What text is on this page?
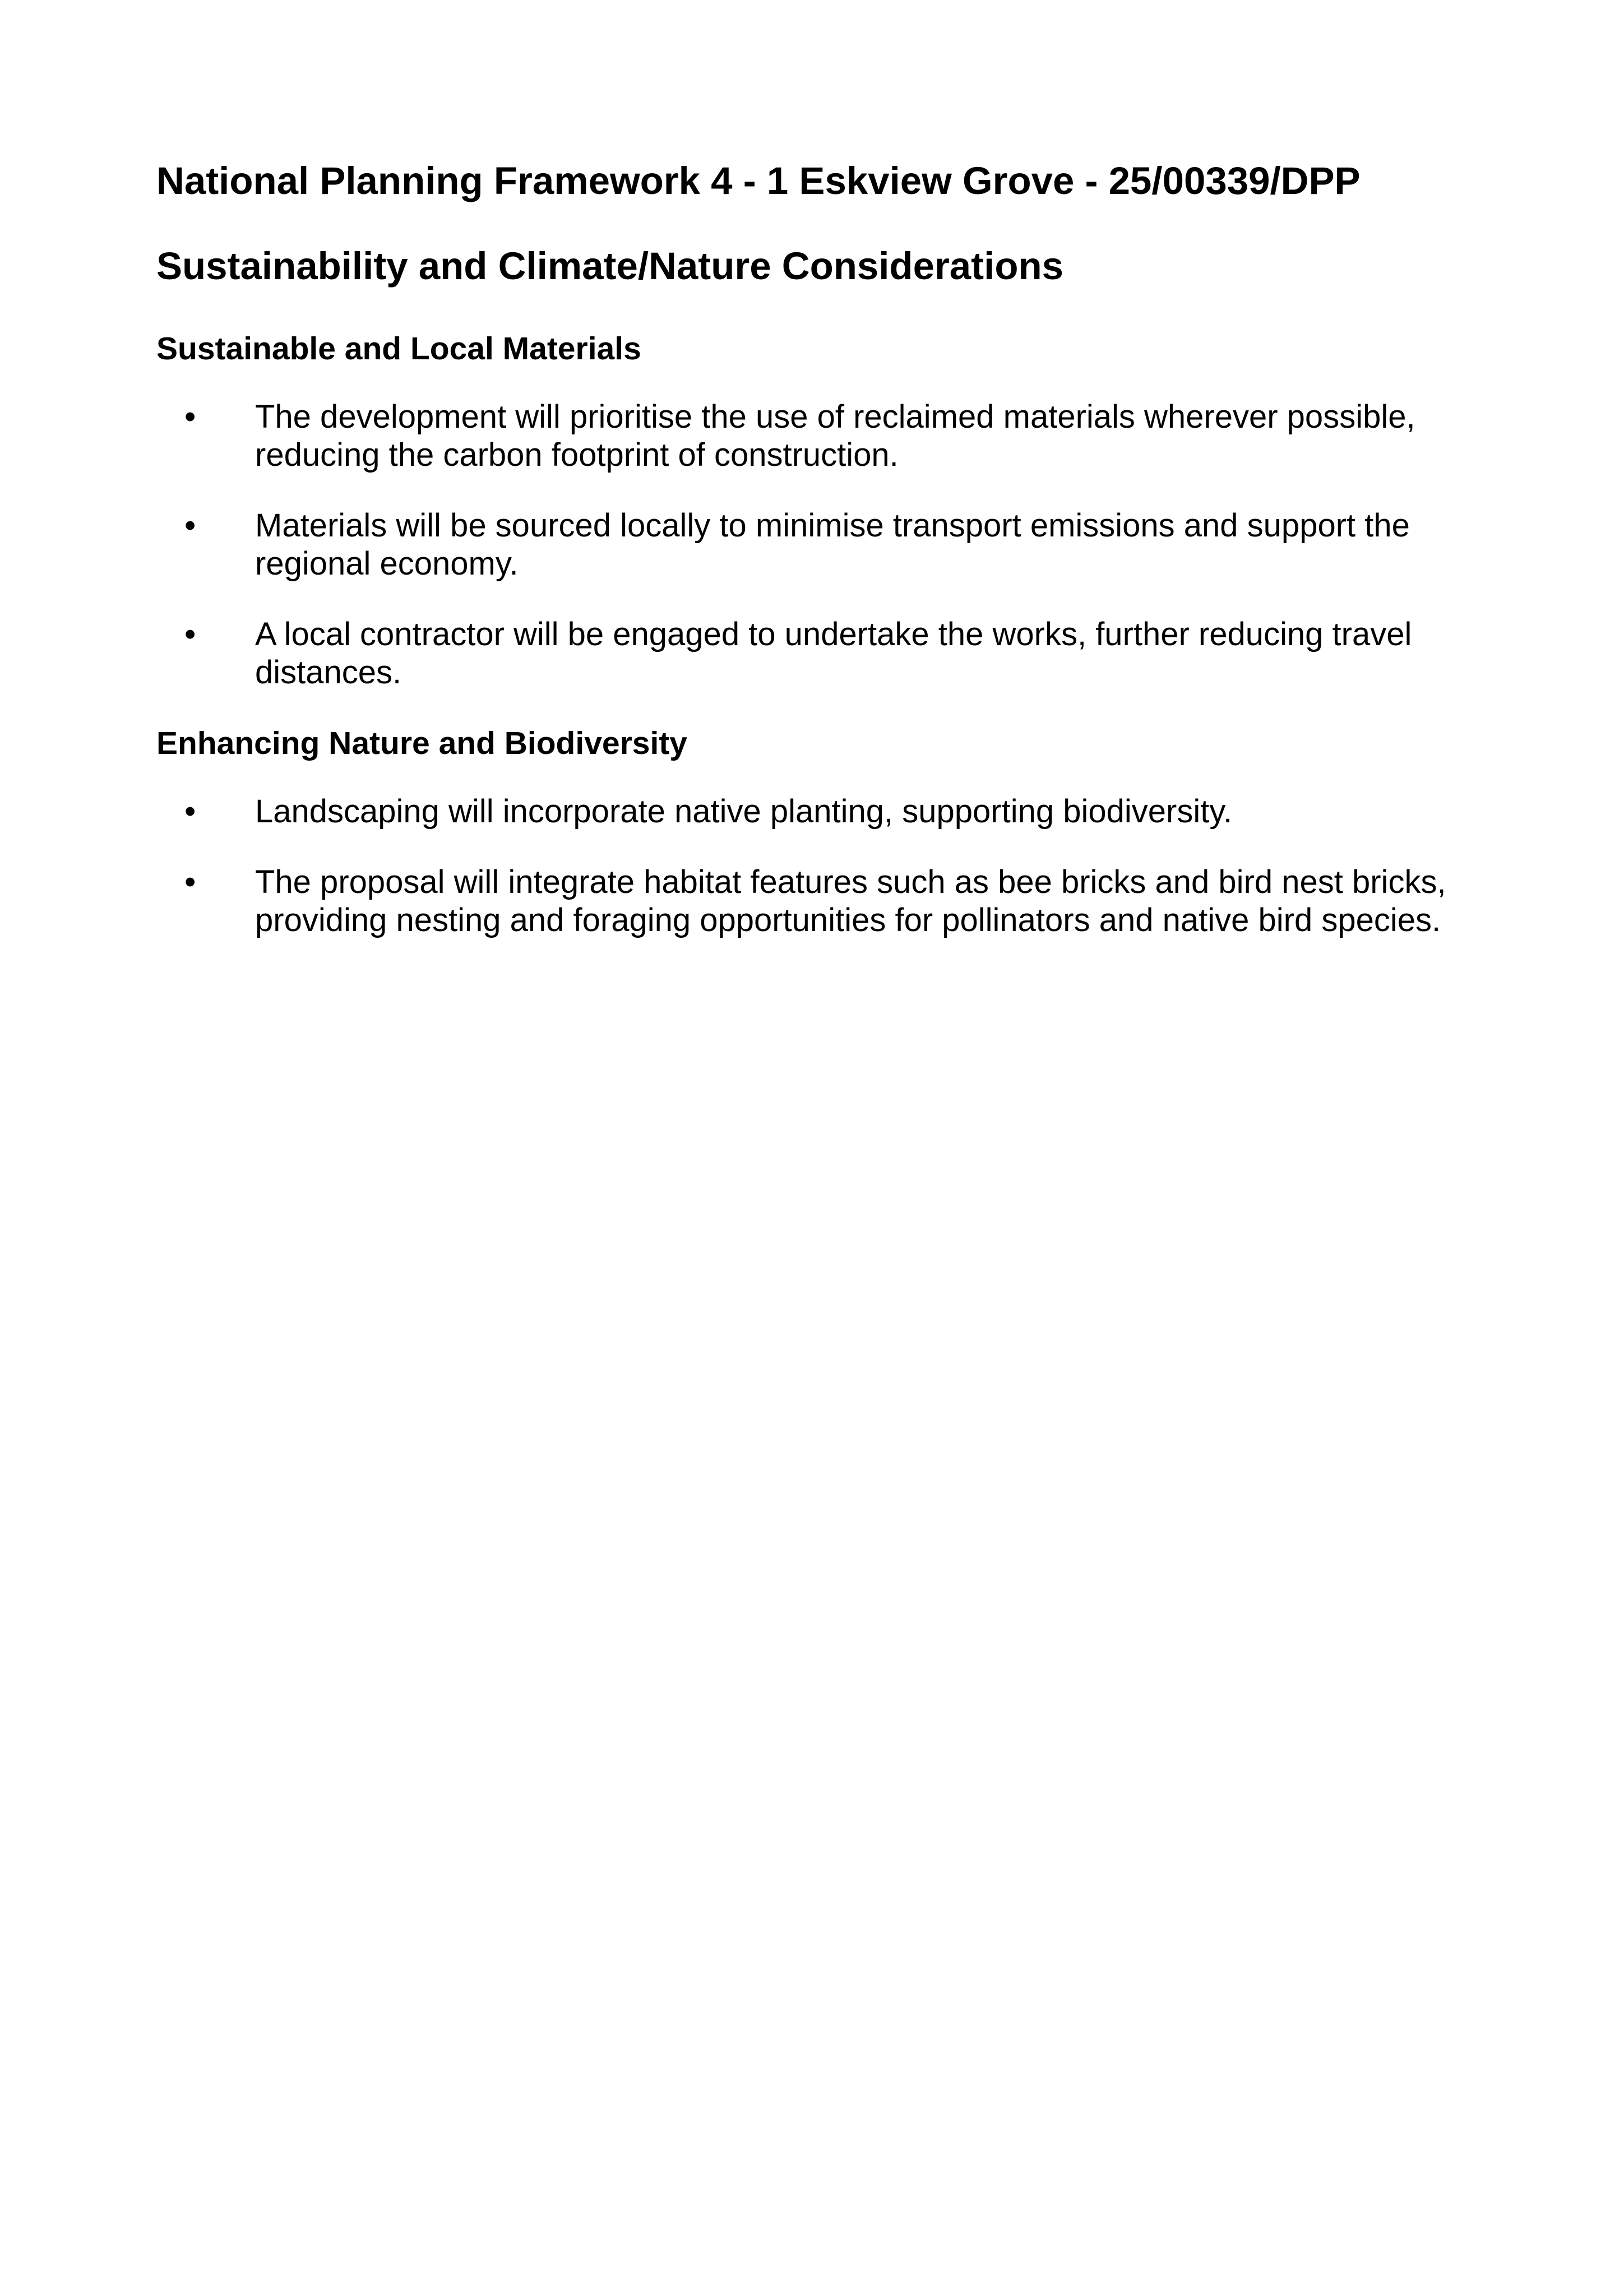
National Planning Framework 4 - 1 Eskview Grove - 25/00339/DPP
Sustainability and Climate/Nature Considerations
Sustainable and Local Materials
•	The development will prioritise the use of reclaimed materials wherever possible,
reducing the carbon footprint of construction.
•	Materials will be sourced locally to minimise transport emissions and support the
regional economy.
•	A local contractor will be engaged to undertake the works, further reducing travel
distances.
Enhancing Nature and Biodiversity
•	Landscaping will incorporate native planting, supporting biodiversity.
•	The proposal will integrate habitat features such as bee bricks and bird nest bricks,
providing nesting and foraging opportunities for pollinators and native bird species.
